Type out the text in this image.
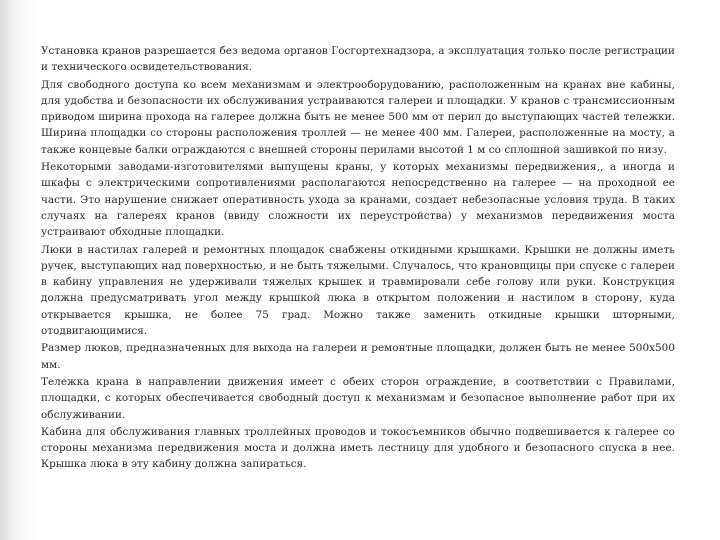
Установка кранов разрешается без ведома органов Госгортехнадзора, а эксплуатация только после регистрации и технического освидетельствования.

Для свободного доступа ко всем механизмам и электрооборудованию, расположенным на кранах вне кабины, для удобства и безопасности их обслуживания устраиваются галереи и площадки. У кранов с трансмиссионным приводом ширина прохода на галерее должна быть не менее 500 мм от перил до выступающих частей тележки. Ширина площадки со стороны расположения троллей — не менее 400 мм. Галереи, расположенные на мосту, а также концевые балки ограждаются с внешней стороны перилами высотой 1 м со сплошной зашивкой по низу.

Некоторыми заводами-изготовителями выпущены краны, у которых механизмы передвижения,, а иногда и шкафы с электрическими сопротивлениями располагаются непосредственно на галерее — на проходной ее части. Это нарушение снижает оперативность ухода за кранами, создает небезопасные условия труда. В таких случаях на галереях кранов (ввиду сложности их переустройства) у механизмов передвижения моста устраивают обходные площадки.

Люки в настилах галерей и ремонтных площадок снабжены откидными крышками. Крышки не должны иметь ручек, выступающих над поверхностью, и не быть тяжелыми. Случалось, что крановщицы при спуске с галереи в кабину управления не удерживали тяжелых крышек и травмировали себе голову или руки. Конструкция должна предусматривать угол между крышкой люка в открытом положении и настилом в сторону, куда открывается крышка, не более 75 град. Можно также заменить откидные крышки шторными, отодвигающимися.

Размер люков, предназначенных для выхода на галереи и ремонтные площадки, должен быть не менее 500х500 мм.

Тележка крана в направлении движения имеет с обеих сторон ограждение, в соответствии с Правилами, площадки, с которых обеспечивается свободный доступ к механизмам и безопасное выполнение работ при их обслуживании.

Кабина для обслуживания главных троллейных проводов и токосъемников обычно подвешивается к галерее со стороны механизма передвижения моста и должна иметь лестницу для удобного и безопасного спуска в нее. Крышка люка в эту кабину должна запираться.
